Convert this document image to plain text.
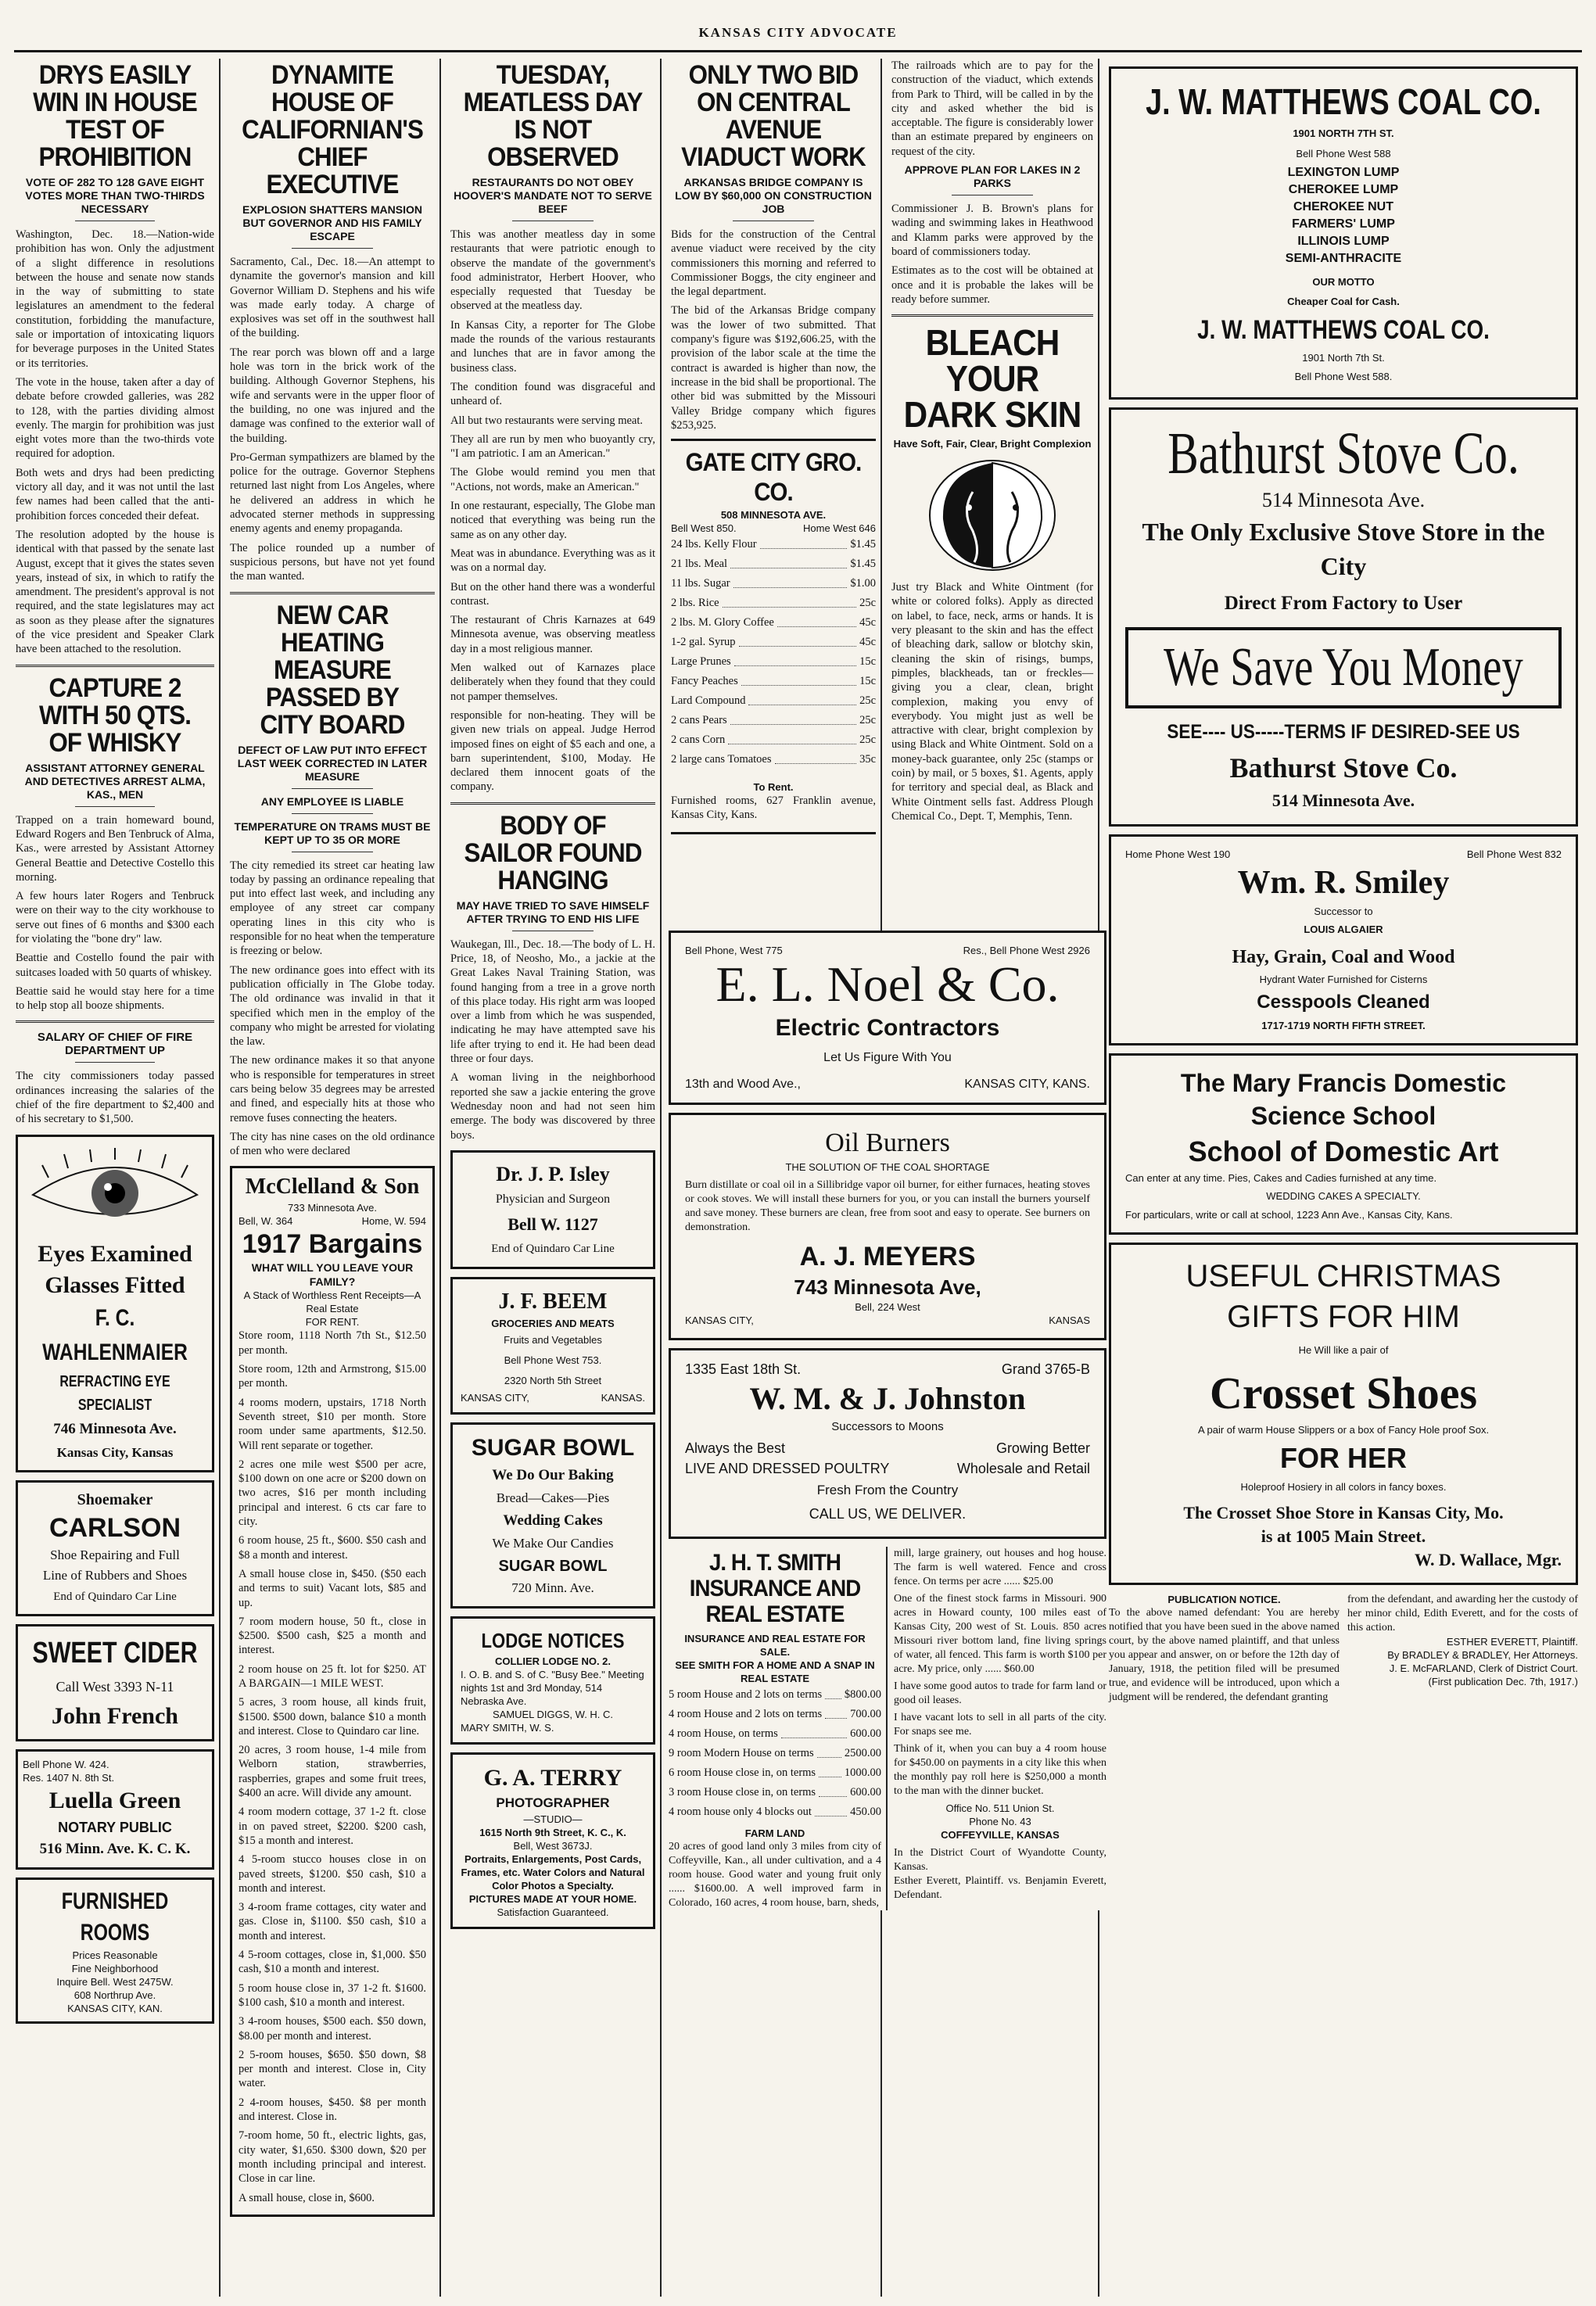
KANSAS CITY ADVOCATE
DRYS EASILY WIN IN HOUSE TEST OF PROHIBITION
VOTE OF 282 TO 128 GAVE EIGHT VOTES MORE THAN TWO-THIRDS NECESSARY

Washington, Dec. 18.—Nation-wide prohibition has won. Only the adjustment of a slight difference in resolutions between the house and senate now stands in the way of submitting to state legislatures an amendment to the federal constitution, forbidding the manufacture, sale or importation of intoxicating liquors for beverage purposes in the United States or its territories.

The vote in the house, taken after a day of debate before crowded galleries, was 282 to 128, with the parties dividing almost evenly. The margin for prohibition was just eight votes more than the two-thirds vote required for adoption.

Both wets and drys had been predicting victory all day, and it was not until the last few names had been called that the anti-prohibition forces conceded their defeat.

The resolution adopted by the house is identical with that passed by the senate last August, except that it gives the states seven years, instead of six, in which to ratify the amendment. The president's approval is not required, and the state legislatures may act as soon as they please after the signatures of the vice president and Speaker Clark have been attached to the resolution.

CAPTURE 2 WITH 50 QTS. OF WHISKY
ASSISTANT ATTORNEY GENERAL AND DETECTIVES ARREST ALMA, KAS., MEN

Trapped on a train homeward bound, Edward Rogers and Ben Tenbruck of Alma, Kas., were arrested by Assistant Attorney General Beattie and Detective Costello this morning.

A few hours later Rogers and Tenbruck were on their way to the city workhouse to serve out fines of 6 months and $300 each for violating the "bone dry" law.

Beattie and Costello found the pair with suitcases loaded with 50 quarts of whiskey.

Beattie said he would stay here for a time to help stop all booze shipments.

SALARY OF CHIEF OF FIRE DEPARTMENT UP

The city commissioners today passed ordinances increasing the salaries of the chief of the fire department to $2,400 and of his secretary to $1,500.

Eyes Examined
Glasses Fitted
F. C. WAHLENMAIER
REFRACTING EYE SPECIALIST
746 Minnesota Ave.
Kansas City, Kansas
Shoemaker
CARLSON
Shoe Repairing and Full
Line of Rubbers and Shoes
End of Quindaro Car Line
SWEET CIDER
Call West 3393 N-11
John French
Bell Phone W. 424.
Res. 1407 N. 8th St.
Luella Green
NOTARY PUBLIC
516 Minn. Ave. K. C. K.
FURNISHED ROOMS
Prices Reasonable
Fine Neighborhood
Inquire Bell. West 2475W.
608 Northrup Ave.
KANSAS CITY, KAN.
DYNAMITE HOUSE OF CALIFORNIAN'S CHIEF EXECUTIVE
EXPLOSION SHATTERS MANSION BUT GOVERNOR AND HIS FAMILY ESCAPE

Sacramento, Cal., Dec. 18.—An attempt to dynamite the governor's mansion and kill Governor William D. Stephens and his wife was made early today. A charge of explosives was set off in the southwest hall of the building.

The rear porch was blown off and a large hole was torn in the brick work of the building. Although Governor Stephens, his wife and servants were in the upper floor of the building, no one was injured and the damage was confined to the exterior wall of the building.

Pro-German sympathizers are blamed by the police for the outrage. Governor Stephens returned last night from Los Angeles, where he delivered an address in which he advocated sterner methods in suppressing enemy agents and enemy propaganda.

The police rounded up a number of suspicious persons, but have not yet found the man wanted.

NEW CAR HEATING MEASURE PASSED BY CITY BOARD
DEFECT OF LAW PUT INTO EFFECT LAST WEEK CORRECTED IN LATER MEASURE
ANY EMPLOYEE IS LIABLE
TEMPERATURE ON TRAMS MUST BE KEPT UP TO 35 OR MORE

The city remedied its street car heating law today by passing an ordinance repealing that put into effect last week, and including any employee of any street car company operating lines in this city who is responsible for no heat when the temperature is freezing or below.

The new ordinance goes into effect with its publication officially in The Globe today. The old ordinance was invalid in that it specified which men in the employ of the company who might be arrested for violating the law.

The new ordinance makes it so that anyone who is responsible for temperatures in street cars being below 35 degrees may be arrested and fined, and especially hits at those who remove fuses connecting the heaters.

The city has nine cases on the old ordinance of men who were declared

McClelland & Son
733 Minnesota Ave.
Bell, W. 364	Home, W. 594
1917 Bargains
WHAT WILL YOU LEAVE YOUR FAMILY?
A Stack of Worthless Rent Receipts—A Real Estate
FOR RENT.

Store room, 1118 North 7th St., $12.50 per month.

Store room, 12th and Armstrong, $15.00 per month.

4 rooms modern, upstairs, 1718 North Seventh street, $10 per month. Store room under same apartments, $12.50. Will rent separate or together.

2 acres one mile west $500 per acre, $100 down on one acre or $200 down on two acres, $16 per month including principal and interest. 6 cts car fare to city.

6 room house, 25 ft., $600. $50 cash and $8 a month and interest.

A small house close in, $450. ($50 each and terms to suit) Vacant lots, $85 and up.

7 room modern house, 50 ft., close in $2500. $500 cash, $25 a month and interest.

2 room house on 25 ft. lot for $250. AT A BARGAIN—1 MILE WEST.

5 acres, 3 room house, all kinds fruit, $1500. $500 down, balance $10 a month and interest. Close to Quindaro car line.

20 acres, 3 room house, 1-4 mile from Welborn station, strawberries, raspberries, grapes and some fruit trees, $400 an acre. Will divide any amount.

4 room modern cottage, 37 1-2 ft. close in on paved street, $2200. $200 cash, $15 a month and interest.

4 5-room stucco houses close in on paved streets, $1200. $50 cash, $10 a month and interest.

3 4-room frame cottages, city water and gas. Close in, $1100. $50 cash, $10 a month and interest.

4 5-room cottages, close in, $1,000. $50 cash, $10 a month and interest.

5 room house close in, 37 1-2 ft. $1600. $100 cash, $10 a month and interest.

3 4-room houses, $500 each. $50 down, $8.00 per month and interest.

2 5-room houses, $650. $50 down, $8 per month and interest. Close in, City water.

2 4-room houses, $450. $8 per month and interest. Close in.

7-room home, 50 ft., electric lights, gas, city water, $1,650. $300 down, $20 per month including principal and interest. Close in car line.

A small house, close in, $600.

TUESDAY, MEATLESS DAY IS NOT OBSERVED
RESTAURANTS DO NOT OBEY HOOVER'S MANDATE NOT TO SERVE BEEF

This was another meatless day in some restaurants that were patriotic enough to observe the mandate of the government's food administrator, Herbert Hoover, who especially requested that Tuesday be observed at the meatless day.

In Kansas City, a reporter for The Globe made the rounds of the various restaurants and lunches that are in favor among the business class.

The condition found was disgraceful and unheard of.

All but two restaurants were serving meat.

They all are run by men who buoyantly cry, "I am patriotic. I am an American."

The Globe would remind you men that "Actions, not words, make an American."

In one restaurant, especially, The Globe man noticed that everything was being run the same as on any other day.

Meat was in abundance. Everything was as it was on a normal day.

But on the other hand there was a wonderful contrast.

The restaurant of Chris Karnazes at 649 Minnesota avenue, was observing meatless day in a most religious manner.

Men walked out of Karnazes place deliberately when they found that they could not pamper themselves.

responsible for non-heating. They will be given new trials on appeal. Judge Herrod imposed fines on eight of $5 each and one, a barn superintendent, $100, Moday. He declared them innocent goats of the company.

BODY OF SAILOR FOUND HANGING
MAY HAVE TRIED TO SAVE HIMSELF AFTER TRYING TO END HIS LIFE

Waukegan, Ill., Dec. 18.—The body of L. H. Price, 18, of Neosho, Mo., a jackie at the Great Lakes Naval Training Station, was found hanging from a tree in a grove north of this place today. His right arm was looped over a limb from which he was suspended, indicating he may have attempted save his life after trying to end it. He had been dead three or four days.

A woman living in the neighborhood reported she saw a jackie entering the grove Wednesday noon and had not seen him emerge. The body was discovered by three boys.

Dr. J. P. Isley
Physician and Surgeon
Bell W. 1127
End of Quindaro Car Line
J. F. BEEM
GROCERIES AND MEATS
Fruits and Vegetables
Bell Phone West 753.
2320 North 5th Street
KANSAS CITY,	KANSAS.
SUGAR BOWL
We Do Our Baking
Bread—Cakes—Pies
Wedding Cakes
We Make Our Candies
SUGAR BOWL
720 Minn. Ave.
LODGE NOTICES
COLLIER LODGE NO. 2.
I. O. B. and S. of C. "Busy Bee." Meeting nights 1st and 3rd Monday, 514 Nebraska Ave.
SAMUEL DIGGS, W. H. C.
MARY SMITH, W. S.
G. A. TERRY
PHOTOGRAPHER
—STUDIO—
1615 North 9th Street, K. C., K.
Bell, West 3673J.
Portraits, Enlargements, Post Cards, Frames, etc. Water Colors and Natural Color Photos a Specialty.
PICTURES MADE AT YOUR HOME.
Satisfaction Guaranteed.
ONLY TWO BID ON CENTRAL AVENUE VIADUCT WORK
ARKANSAS BRIDGE COMPANY IS LOW BY $60,000 ON CONSTRUCTION JOB

Bids for the construction of the Central avenue viaduct were received by the city commissioners this morning and referred to Commissioner Boggs, the city engineer and the legal department.

The bid of the Arkansas Bridge company was the lower of two submitted. That company's figure was $192,606.25, with the provision of the labor scale at the time the contract is awarded is higher than now, the increase in the bid shall be proportional. The other bid was submitted by the Missouri Valley Bridge company which figures $253,925.

GATE CITY GRO. CO.
508 MINNESOTA AVE.
Bell West 850.	Home West 646
24 lbs. Kelly Flour	$1.45
21 lbs. Meal	$1.45
11 lbs. Sugar	$1.00
2 lbs. Rice	25c
2 lbs. M. Glory Coffee	45c
1-2 gal. Syrup	45c
Large Prunes	15c
Fancy Peaches	15c
Lard Compound	25c
2 cans Pears	25c
2 cans Corn	25c
2 large cans Tomatoes	35c
To Rent.

Furnished rooms, 627 Franklin avenue, Kansas City, Kans.

The railroads which are to pay for the construction of the viaduct, which extends from Park to Third, will be called in by the city and asked whether the bid is acceptable. The figure is considerably lower than an estimate prepared by engineers on request of the city.

APPROVE PLAN FOR LAKES IN 2 PARKS

Commissioner J. B. Brown's plans for wading and swimming lakes in Heathwood and Klamm parks were approved by the board of commissioners today.

Estimates as to the cost will be obtained at once and it is probable the lakes will be ready before summer.

BLEACH YOUR DARK SKIN
Have Soft, Fair, Clear, Bright Complexion

Just try Black and White Ointment (for white or colored folks). Apply as directed on label, to face, neck, arms or hands. It is very pleasant to the skin and has the effect of bleaching dark, sallow or blotchy skin, cleaning the skin of risings, bumps, pimples, blackheads, tan or freckles—giving you a clear, clean, bright complexion, making you envy of everybody. You might just as well be attractive with clear, bright complexion by using Black and White Ointment. Sold on a money-back guarantee, only 25c (stamps or coin) by mail, or 5 boxes, $1. Agents, apply for territory and special deal, as Black and White Ointment sells fast. Address Plough Chemical Co., Dept. T, Memphis, Tenn.

J. W. MATTHEWS COAL CO.
1901 NORTH 7TH ST.
Bell Phone West 588
LEXINGTON LUMP
CHEROKEE LUMP
CHEROKEE NUT
FARMERS' LUMP
ILLINOIS LUMP
SEMI-ANTHRACITE
OUR MOTTO
Cheaper Coal for Cash.
J. W. MATTHEWS COAL CO.
1901 North 7th St.
Bell Phone West 588.
Bathurst Stove Co.
514 Minnesota Ave.
The Only Exclusive Stove Store in the City
Direct From Factory to User
We Save You Money
SEE---- US-----TERMS IF DESIRED-SEE US
Bathurst Stove Co.
514 Minnesota Ave.
Home Phone West 190	Bell Phone West 832
Wm. R. Smiley
Successor to
LOUIS ALGAIER
Hay, Grain, Coal and Wood
Hydrant Water Furnished for Cisterns
Cesspools Cleaned
1717-1719 NORTH FIFTH STREET.
The Mary Francis Domestic
Science School
School of Domestic Art
Can enter at any time. Pies, Cakes and Cadies furnished at any time.
WEDDING CAKES A SPECIALTY.
For particulars, write or call at school, 1223 Ann Ave., Kansas City, Kans.
USEFUL CHRISTMAS
GIFTS FOR HIM
He Will like a pair of
Crosset Shoes
A pair of warm House Slippers or a box of Fancy Hole proof Sox.
FOR HER
Holeproof Hosiery in all colors in fancy boxes.
The Crosset Shoe Store in Kansas City, Mo.
is at 1005 Main Street.
W. D. Wallace, Mgr.
PUBLICATION NOTICE.
To the above named defendant: You are hereby notified that you have been sued in the above named court, by the above named plaintiff, and that unless you appear and answer, on or before the 12th day of January, 1918, the petition filed will be presumed true, and evidence will be introduced, upon which a judgment will be rendered, the defendant granting
from the defendant, and awarding her the custody of her minor child, Edith Everett, and for the costs of this action.
ESTHER EVERETT, Plaintiff.
By BRADLEY & BRADLEY, Her Attorneys.
J. E. McFARLAND, Clerk of District Court.
(First publication Dec. 7th, 1917.)
Bell Phone, West 775	Res., Bell Phone West 2926
E. L. Noel & Co.
Electric Contractors
Let Us Figure With You
13th and Wood Ave.,	KANSAS CITY, KANS.
Oil Burners
THE SOLUTION OF THE COAL SHORTAGE
Burn distillate or coal oil in a Sillibridge vapor oil burner, for either furnaces, heating stoves or cook stoves. We will install these burners for you, or you can install the burners yourself and save money. These burners are clean, free from soot and easy to operate. See burners on demonstration.
A. J. MEYERS
743 Minnesota Ave,
Bell, 224 West
KANSAS CITY,	KANSAS
1335 East 18th St.	Grand 3765-B
W. M. & J. Johnston
Successors to Moons
Always the Best	Growing Better
LIVE AND DRESSED POULTRY	Wholesale and Retail
Fresh From the Country
CALL US, WE DELIVER.
J. H. T. SMITH INSURANCE AND REAL ESTATE
INSURANCE AND REAL ESTATE FOR SALE.
SEE SMITH FOR A HOME AND A SNAP IN REAL ESTATE
5 room House and 2 lots on terms $800.00
4 room House and 2 lots on terms 700.00
4 room House, on terms	600.00
9 room Modern House on terms	2500.00
6 room House close in, on terms	1000.00
3 room House close in, on terms	600.00
4 room house only 4 blocks out	450.00
FARM LAND
20 acres of good land only 3 miles from city of Coffeyville, Kan., all under cultivation, and a 4 room house. Good water and young fruit only ...... $1600.00. A well improved farm in Colorado, 160 acres, 4 room house, barn, sheds,

mill, large grainery, out houses and hog house. The farm is well watered. Fence and cross fence. On terms per acre ...... $25.00

One of the finest stock farms in Missouri. 900 acres in Howard county, 100 miles east of Kansas City, 200 west of St. Louis. 850 acres Missouri river bottom land, fine living springs of water, all fenced. This farm is worth $100 per acre. My price, only ...... $60.00

I have some good autos to trade for farm land or good oil leases.

I have vacant lots to sell in all parts of the city. For snaps see me.

Think of it, when you can buy a 4 room house for $450.00 on payments in a city like this when the monthly pay roll here is $250,000 a month to the man with the dinner bucket.

Office No. 511 Union St.
Phone No. 43
COFFEYVILLE, KANSAS
In the District Court of Wyandotte County, Kansas.
Esther Everett, Plaintiff. vs. Benjamin Everett, Defendant.
